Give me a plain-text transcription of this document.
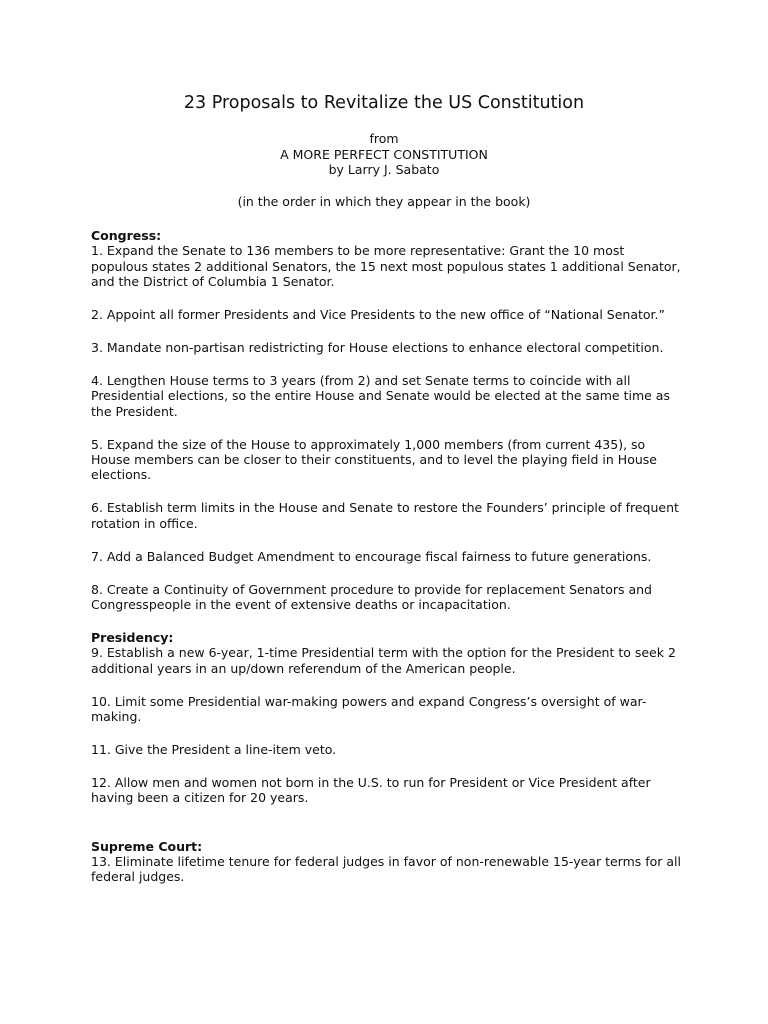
23 Proposals to Revitalize the US Constitution
from
A MORE PERFECT CONSTITUTION
by Larry J. Sabato
(in the order in which they appear in the book)
Congress:

1. Expand the Senate to 136 members to be more representative: Grant the 10 most populous states 2 additional Senators, the 15 next most populous states 1 additional Senator, and the District of Columbia 1 Senator.

2. Appoint all former Presidents and Vice Presidents to the new office of “National Senator.”

3. Mandate non-partisan redistricting for House elections to enhance electoral competition.

4. Lengthen House terms to 3 years (from 2) and set Senate terms to coincide with all Presidential elections, so the entire House and Senate would be elected at the same time as the President.

5. Expand the size of the House to approximately 1,000 members (from current 435), so House members can be closer to their constituents, and to level the playing field in House elections.

6. Establish term limits in the House and Senate to restore the Founders’ principle of frequent rotation in office.

7. Add a Balanced Budget Amendment to encourage fiscal fairness to future generations.

8. Create a Continuity of Government procedure to provide for replacement Senators and Congresspeople in the event of extensive deaths or incapacitation.

Presidency:

9. Establish a new 6-year, 1-time Presidential term with the option for the President to seek 2 additional years in an up/down referendum of the American people.

10. Limit some Presidential war-making powers and expand Congress’s oversight of war-making.

11. Give the President a line-item veto.

12. Allow men and women not born in the U.S. to run for President or Vice President after having been a citizen for 20 years.

Supreme Court:

13. Eliminate lifetime tenure for federal judges in favor of non-renewable 15-year terms for all federal judges.
